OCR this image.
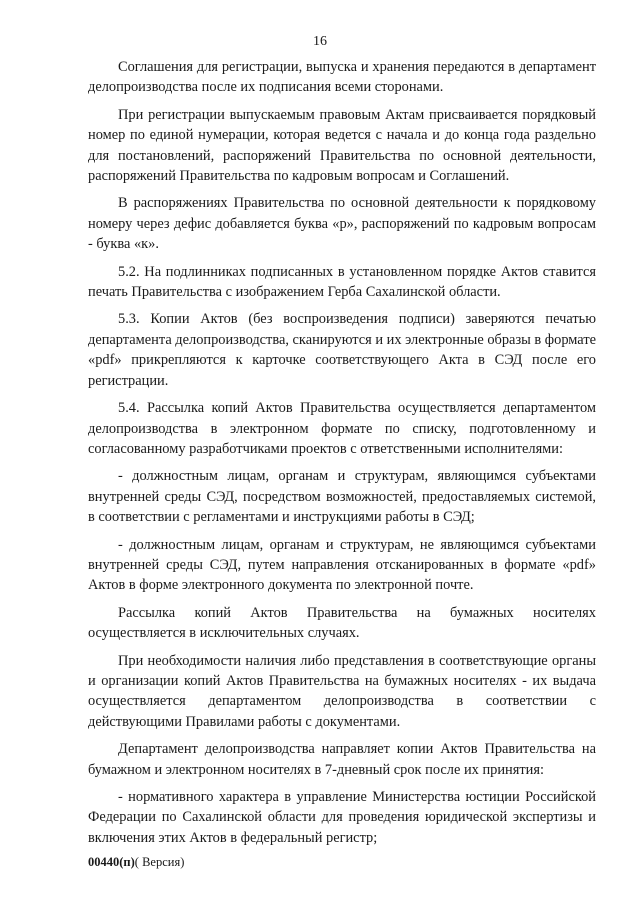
16

Соглашения для регистрации, выпуска и хранения передаются в департамент делопроизводства после их подписания всеми сторонами.

При регистрации выпускаемым правовым Актам присваивается порядковый номер по единой нумерации, которая ведется с начала и до конца года раздельно для постановлений, распоряжений Правительства по основной деятельности, распоряжений Правительства по кадровым вопросам и Соглашений.

В распоряжениях Правительства по основной деятельности к порядковому номеру через дефис добавляется буква «р», распоряжений по кадровым вопросам - буква «к».

5.2. На подлинниках подписанных в установленном порядке Актов ставится печать Правительства с изображением Герба Сахалинской области.

5.3. Копии Актов (без воспроизведения подписи) заверяются печатью департамента делопроизводства, сканируются и их электронные образы в формате «pdf» прикрепляются к карточке соответствующего Акта в СЭД после его регистрации.

5.4. Рассылка копий Актов Правительства осуществляется департаментом делопроизводства в электронном формате по списку, подготовленному и согласованному разработчиками проектов с ответственными исполнителями:

- должностным лицам, органам и структурам, являющимся субъектами внутренней среды СЭД, посредством возможностей, предоставляемых системой, в соответствии с регламентами и инструкциями работы в СЭД;

- должностным лицам, органам и структурам, не являющимся субъектами внутренней среды СЭД, путем направления отсканированных в формате «pdf» Актов в форме электронного документа по электронной почте.

Рассылка копий Актов Правительства на бумажных носителях осуществляется в исключительных случаях.

При необходимости наличия либо представления в соответствующие органы и организации копий Актов Правительства на бумажных носителях - их выдача осуществляется департаментом делопроизводства в соответствии с действующими Правилами работы с документами.

Департамент делопроизводства направляет копии Актов Правительства на бумажном и электронном носителях в 7-дневный срок после их принятия:

- нормативного характера в управление Министерства юстиции Российской Федерации по Сахалинской области для проведения юридической экспертизы и включения этих Актов в федеральный регистр;

00440(п)( Версия)
